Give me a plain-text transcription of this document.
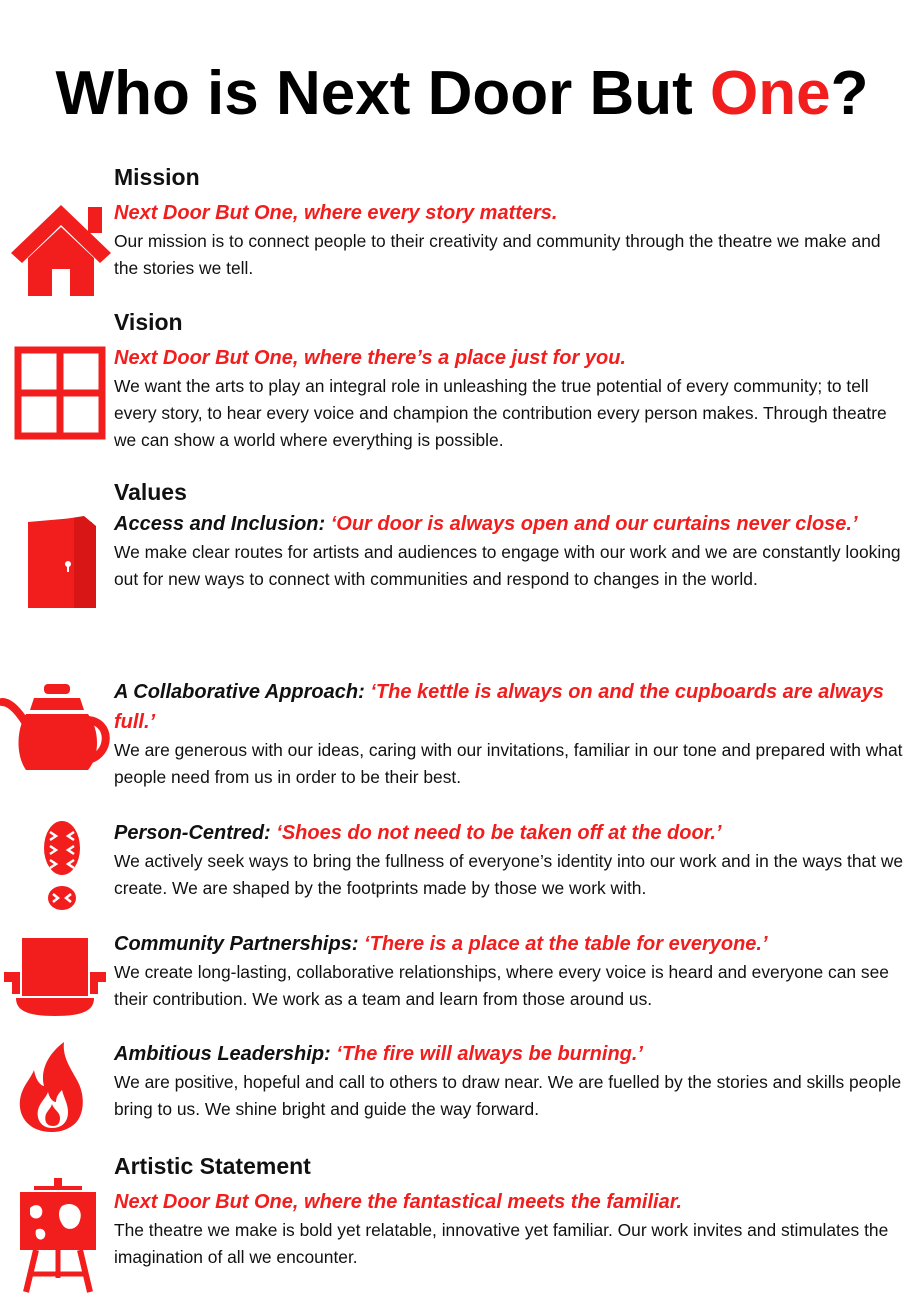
Who is Next Door But One?
Mission

Next Door But One, where every story matters.

Our mission is to connect people to their creativity and community through the theatre we make and the stories we tell.

Vision

Next Door But One, where there’s a place just for you.

We want the arts to play an integral role in unleashing the true potential of every community; to tell every story, to hear every voice and champion the contribution every person makes. Through theatre we can show a world where everything is possible.

Values

Access and Inclusion: ‘Our door is always open and our curtains never close.’

We make clear routes for artists and audiences to engage with our work and we are constantly looking out for new ways to connect with communities and respond to changes in the world.

A Collaborative Approach: ‘The kettle is always on and the cupboards are always full.’

We are generous with our ideas, caring with our invitations, familiar in our tone and prepared with what people need from us in order to be their best.

Person-Centred: ‘Shoes do not need to be taken off at the door.’

We actively seek ways to bring the fullness of everyone’s identity into our work and in the ways that we create. We are shaped by the footprints made by those we work with.

Community Partnerships: ‘There is a place at the table for everyone.’

We create long-lasting, collaborative relationships, where every voice is heard and everyone can see their contribution. We work as a team and learn from those around us.

Ambitious Leadership: ‘The fire will always be burning.’

We are positive, hopeful and call to others to draw near. We are fuelled by the stories and skills people bring to us. We shine bright and guide the way forward.

Artistic Statement

Next Door But One, where the fantastical meets the familiar.

The theatre we make is bold yet relatable, innovative yet familiar. Our work invites and stimulates the imagination of all we encounter.
